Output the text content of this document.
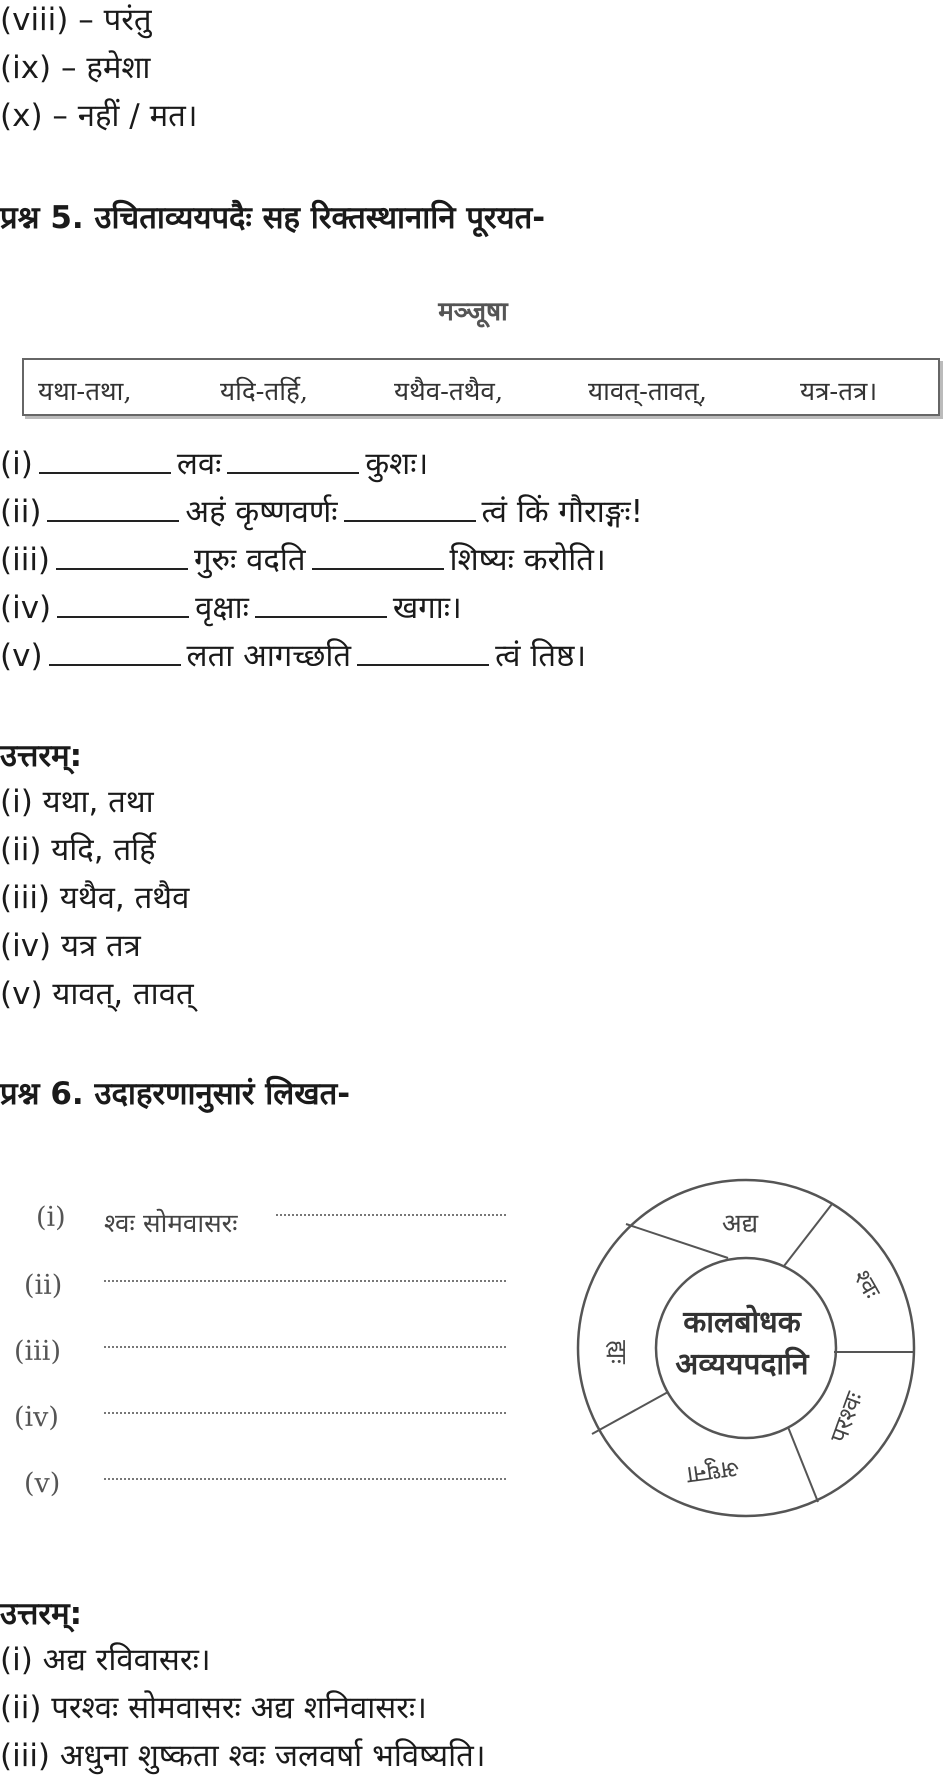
(viii) – परंतु
(ix) – हमेशा
(x) – नहीं / मत।
प्रश्न 5. उचिताव्ययपदैः सह रिक्तस्थानानि पूरयत-
मञ्जूषा
यथा-तथा,	यदि-तर्हि,	यथैव-तथैव,	यावत्-तावत्,	यत्र-तत्र।
(i)	लवः	कुशः।
(ii)	अहं कृष्णवर्णः	त्वं किं गौराङ्गः!
(iii)	गुरुः वदति	शिष्यः करोति।
(iv)	वृक्षाः	खगाः।
(v)	लता आगच्छति	त्वं तिष्ठ।
उत्तरम्:
(i) यथा, तथा
(ii) यदि, तर्हि
(iii) यथैव, तथैव
(iv) यत्र तत्र
(v) यावत्, तावत्
प्रश्न 6. उदाहरणानुसारं लिखत-
(i) श्वः सोमवासरः
(ii)
(iii)
(iv)
(v)
कालबोधक
अव्ययपदानि
अद्य
श्वः
परश्वः
अधुना
ह्यः
उत्तरम्:
(i) अद्य रविवासरः।
(ii) परश्वः सोमवासरः अद्य शनिवासरः।
(iii) अधुना शुष्कता श्वः जलवर्षा भविष्यति।
